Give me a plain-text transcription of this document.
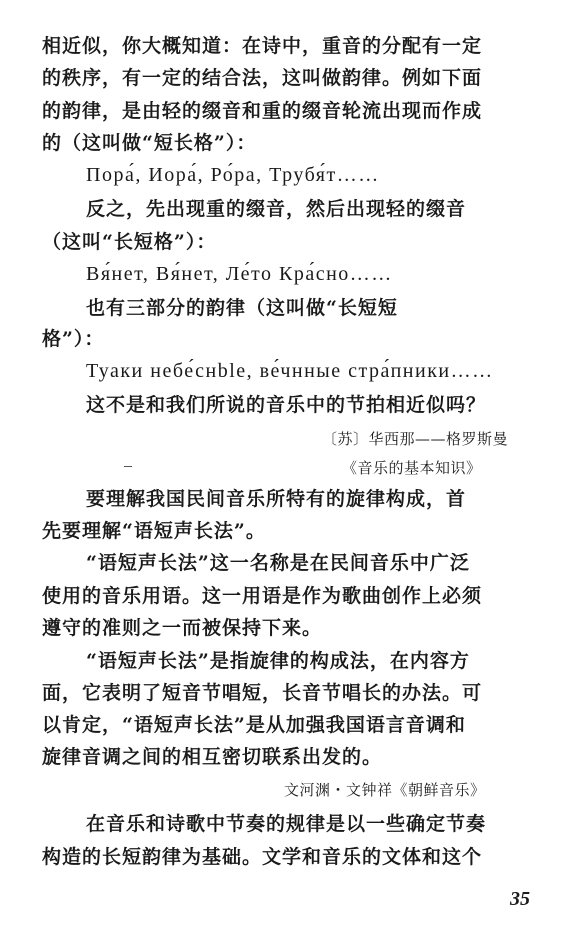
相近似，你大概知道：在诗中，重音的分配有一定
的秩序，有一定的结合法，这叫做韵律。例如下面
的韵律，是由轻的缀音和重的缀音轮流出现而作成
的（这叫做“短长格”）：
Пора́, Иора́, Ро́ра, Трубя́т……
反之，先出现重的缀音，然后出现轻的缀音
（这叫“长短格”）：
Вя́нет, Вя́нет, Ле́то Кра́сно……
也有三部分的韵律（这叫做“长短短
格”）：
Туаки небе́снble, ве́чнные стра́пники……
这不是和我们所说的音乐中的节拍相近似吗？
〔苏〕华西那——格罗斯曼
《音乐的基本知识》
要理解我国民间音乐所特有的旋律构成，首
先要理解“语短声长法”。
“语短声长法”这一名称是在民间音乐中广泛
使用的音乐用语。这一用语是作为歌曲创作上必须
遵守的准则之一而被保持下来。
“语短声长法”是指旋律的构成法，在内容方
面，它表明了短音节唱短，长音节唱长的办法。可
以肯定，“语短声长法”是从加强我国语言音调和
旋律音调之间的相互密切联系出发的。
文河渊・文钟祥《朝鲜音乐》
在音乐和诗歌中节奏的规律是以一些确定节奏
构造的长短韵律为基础。文学和音乐的文体和这个
35
